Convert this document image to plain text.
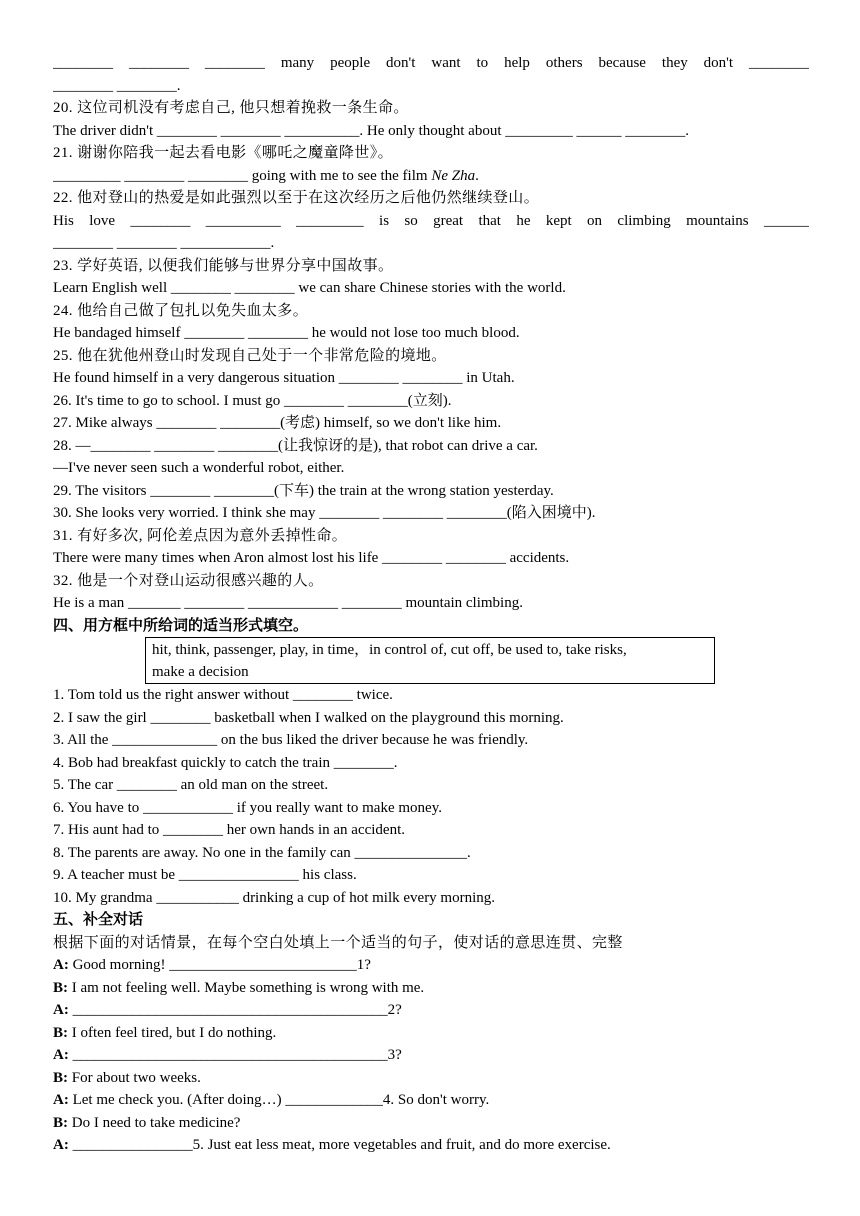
________ ________ ________ many people don't want to help others because they don't ________
________ ________.
20. 这位司机没有考虑自己, 他只想着挽救一条生命。
The driver didn't ________ ________ __________. He only thought about _________ ______ ________.
21. 谢谢你陪我一起去看电影《哪吒之魔童降世》。
_________ ________ ________ going with me to see the film Ne Zha.
22. 他对登山的热爱是如此强烈以至于在这次经历之后他仍然继续登山。
His love ________ __________ _________ is so great that he kept on climbing mountains ______
________ ________ ____________.
23. 学好英语, 以便我们能够与世界分享中国故事。
Learn English well ________ ________ we can share Chinese stories with the world.
24. 他给自己做了包扎以免失血太多。
He bandaged himself ________ ________ he would not lose too much blood.
25. 他在犹他州登山时发现自己处于一个非常危险的境地。
He found himself in a very dangerous situation ________ ________ in Utah.
26. It's time to go to school. I must go ________ ________(立刻).
27. Mike always ________ ________(考虑) himself, so we don't like him.
28. —________ ________ ________(让我惊讶的是), that robot can drive a car.
—I've never seen such a wonderful robot, either.
29. The visitors ________ ________(下车) the train at the wrong station yesterday.
30. She looks very worried. I think she may ________ ________ ________(陷入困境中).
31. 有好多次, 阿伦差点因为意外丢掉性命。
There were many times when Aron almost lost his life ________ ________ accidents.
32. 他是一个对登山运动很感兴趣的人。
He is a man _______ ________ ____________ ________ mountain climbing.
四、用方框中所给词的适当形式填空。
hit, think, passenger, play, in time，in control of, cut off, be used to, take risks,
make a decision
1. Tom told us the right answer without ________ twice.
2. I saw the girl ________ basketball when I walked on the playground this morning.
3. All the ______________ on the bus liked the driver because he was friendly.
4. Bob had breakfast quickly to catch the train ________.
5. The car ________ an old man on the street.
6. You have to ____________ if you really want to make money.
7. His aunt had to ________ her own hands in an accident.
8. The parents are away. No one in the family can _______________.
9. A teacher must be ________________ his class.
10. My grandma ___________ drinking a cup of hot milk every morning.
五、补全对话
根据下面的对话情景，在每个空白处填上一个适当的句子，使对话的意思连贯、完整
A: Good morning! _________________________1?
B: I am not feeling well. Maybe something is wrong with me.
A: __________________________________________2?
B: I often feel tired, but I do nothing.
A: __________________________________________3?
B: For about two weeks.
A: Let me check you. (After doing…) _____________4. So don't worry.
B: Do I need to take medicine?
A: ________________5. Just eat less meat, more vegetables and fruit, and do more exercise.
